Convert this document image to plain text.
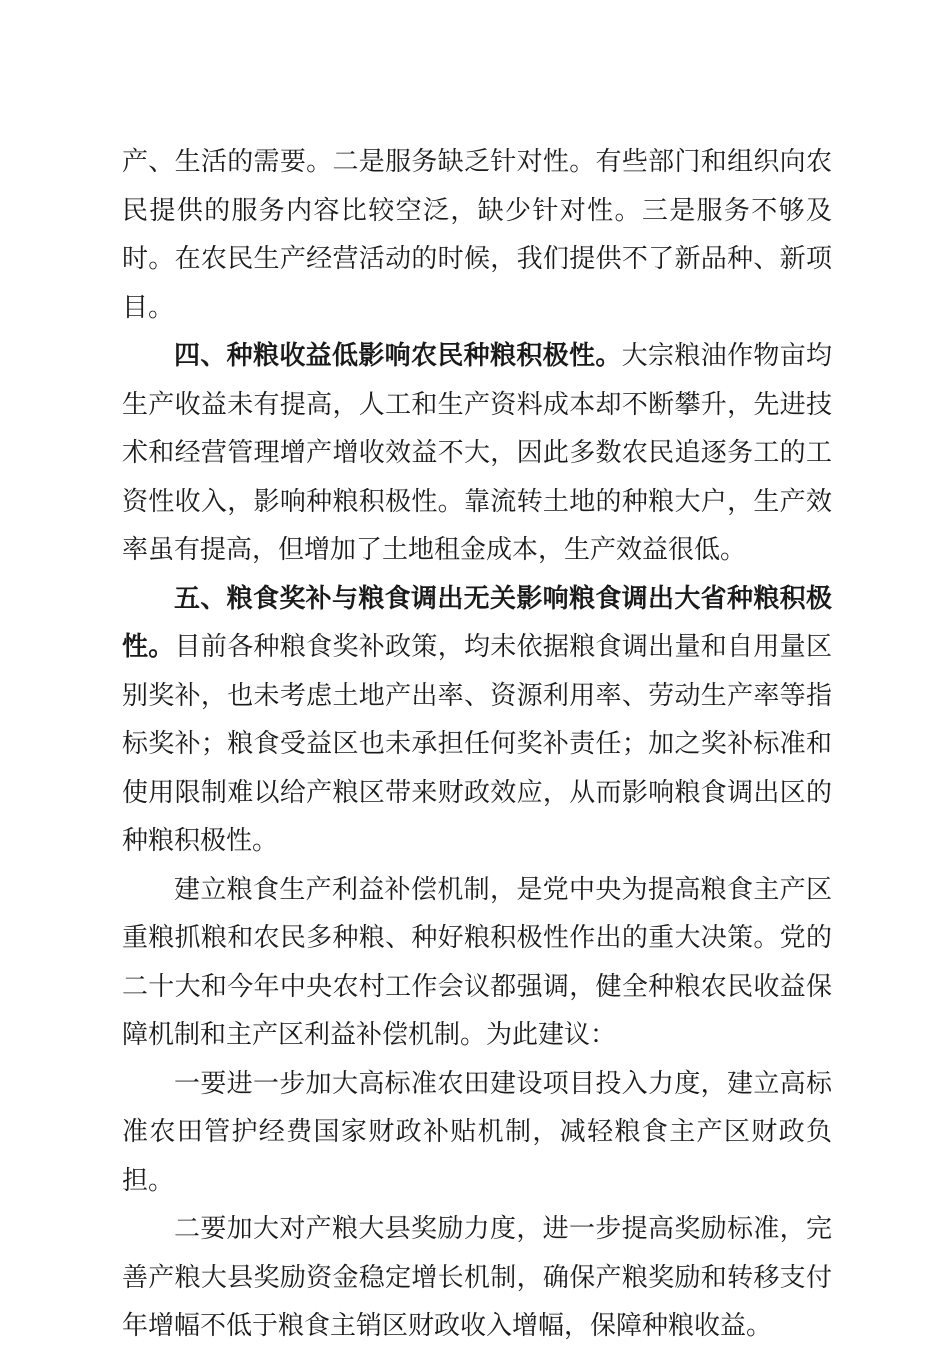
产、生活的需要。二是服务缺乏针对性。有些部门和组织向农民提供的服务内容比较空泛，缺少针对性。三是服务不够及时。在农民生产经营活动的时候，我们提供不了新品种、新项目。

四、种粮收益低影响农民种粮积极性。大宗粮油作物亩均生产收益未有提高，人工和生产资料成本却不断攀升，先进技术和经营管理增产增收效益不大，因此多数农民追逐务工的工资性收入，影响种粮积极性。靠流转土地的种粮大户，生产效率虽有提高，但增加了土地租金成本，生产效益很低。

五、粮食奖补与粮食调出无关影响粮食调出大省种粮积极性。目前各种粮食奖补政策，均未依据粮食调出量和自用量区别奖补，也未考虑土地产出率、资源利用率、劳动生产率等指标奖补；粮食受益区也未承担任何奖补责任；加之奖补标准和使用限制难以给产粮区带来财政效应，从而影响粮食调出区的种粮积极性。

建立粮食生产利益补偿机制，是党中央为提高粮食主产区重粮抓粮和农民多种粮、种好粮积极性作出的重大决策。党的二十大和今年中央农村工作会议都强调，健全种粮农民收益保障机制和主产区利益补偿机制。为此建议：

一要进一步加大高标准农田建设项目投入力度，建立高标准农田管护经费国家财政补贴机制，减轻粮食主产区财政负担。

二要加大对产粮大县奖励力度，进一步提高奖励标准，完善产粮大县奖励资金稳定增长机制，确保产粮奖励和转移支付年增幅不低于粮食主销区财政收入增幅，保障种粮收益。
